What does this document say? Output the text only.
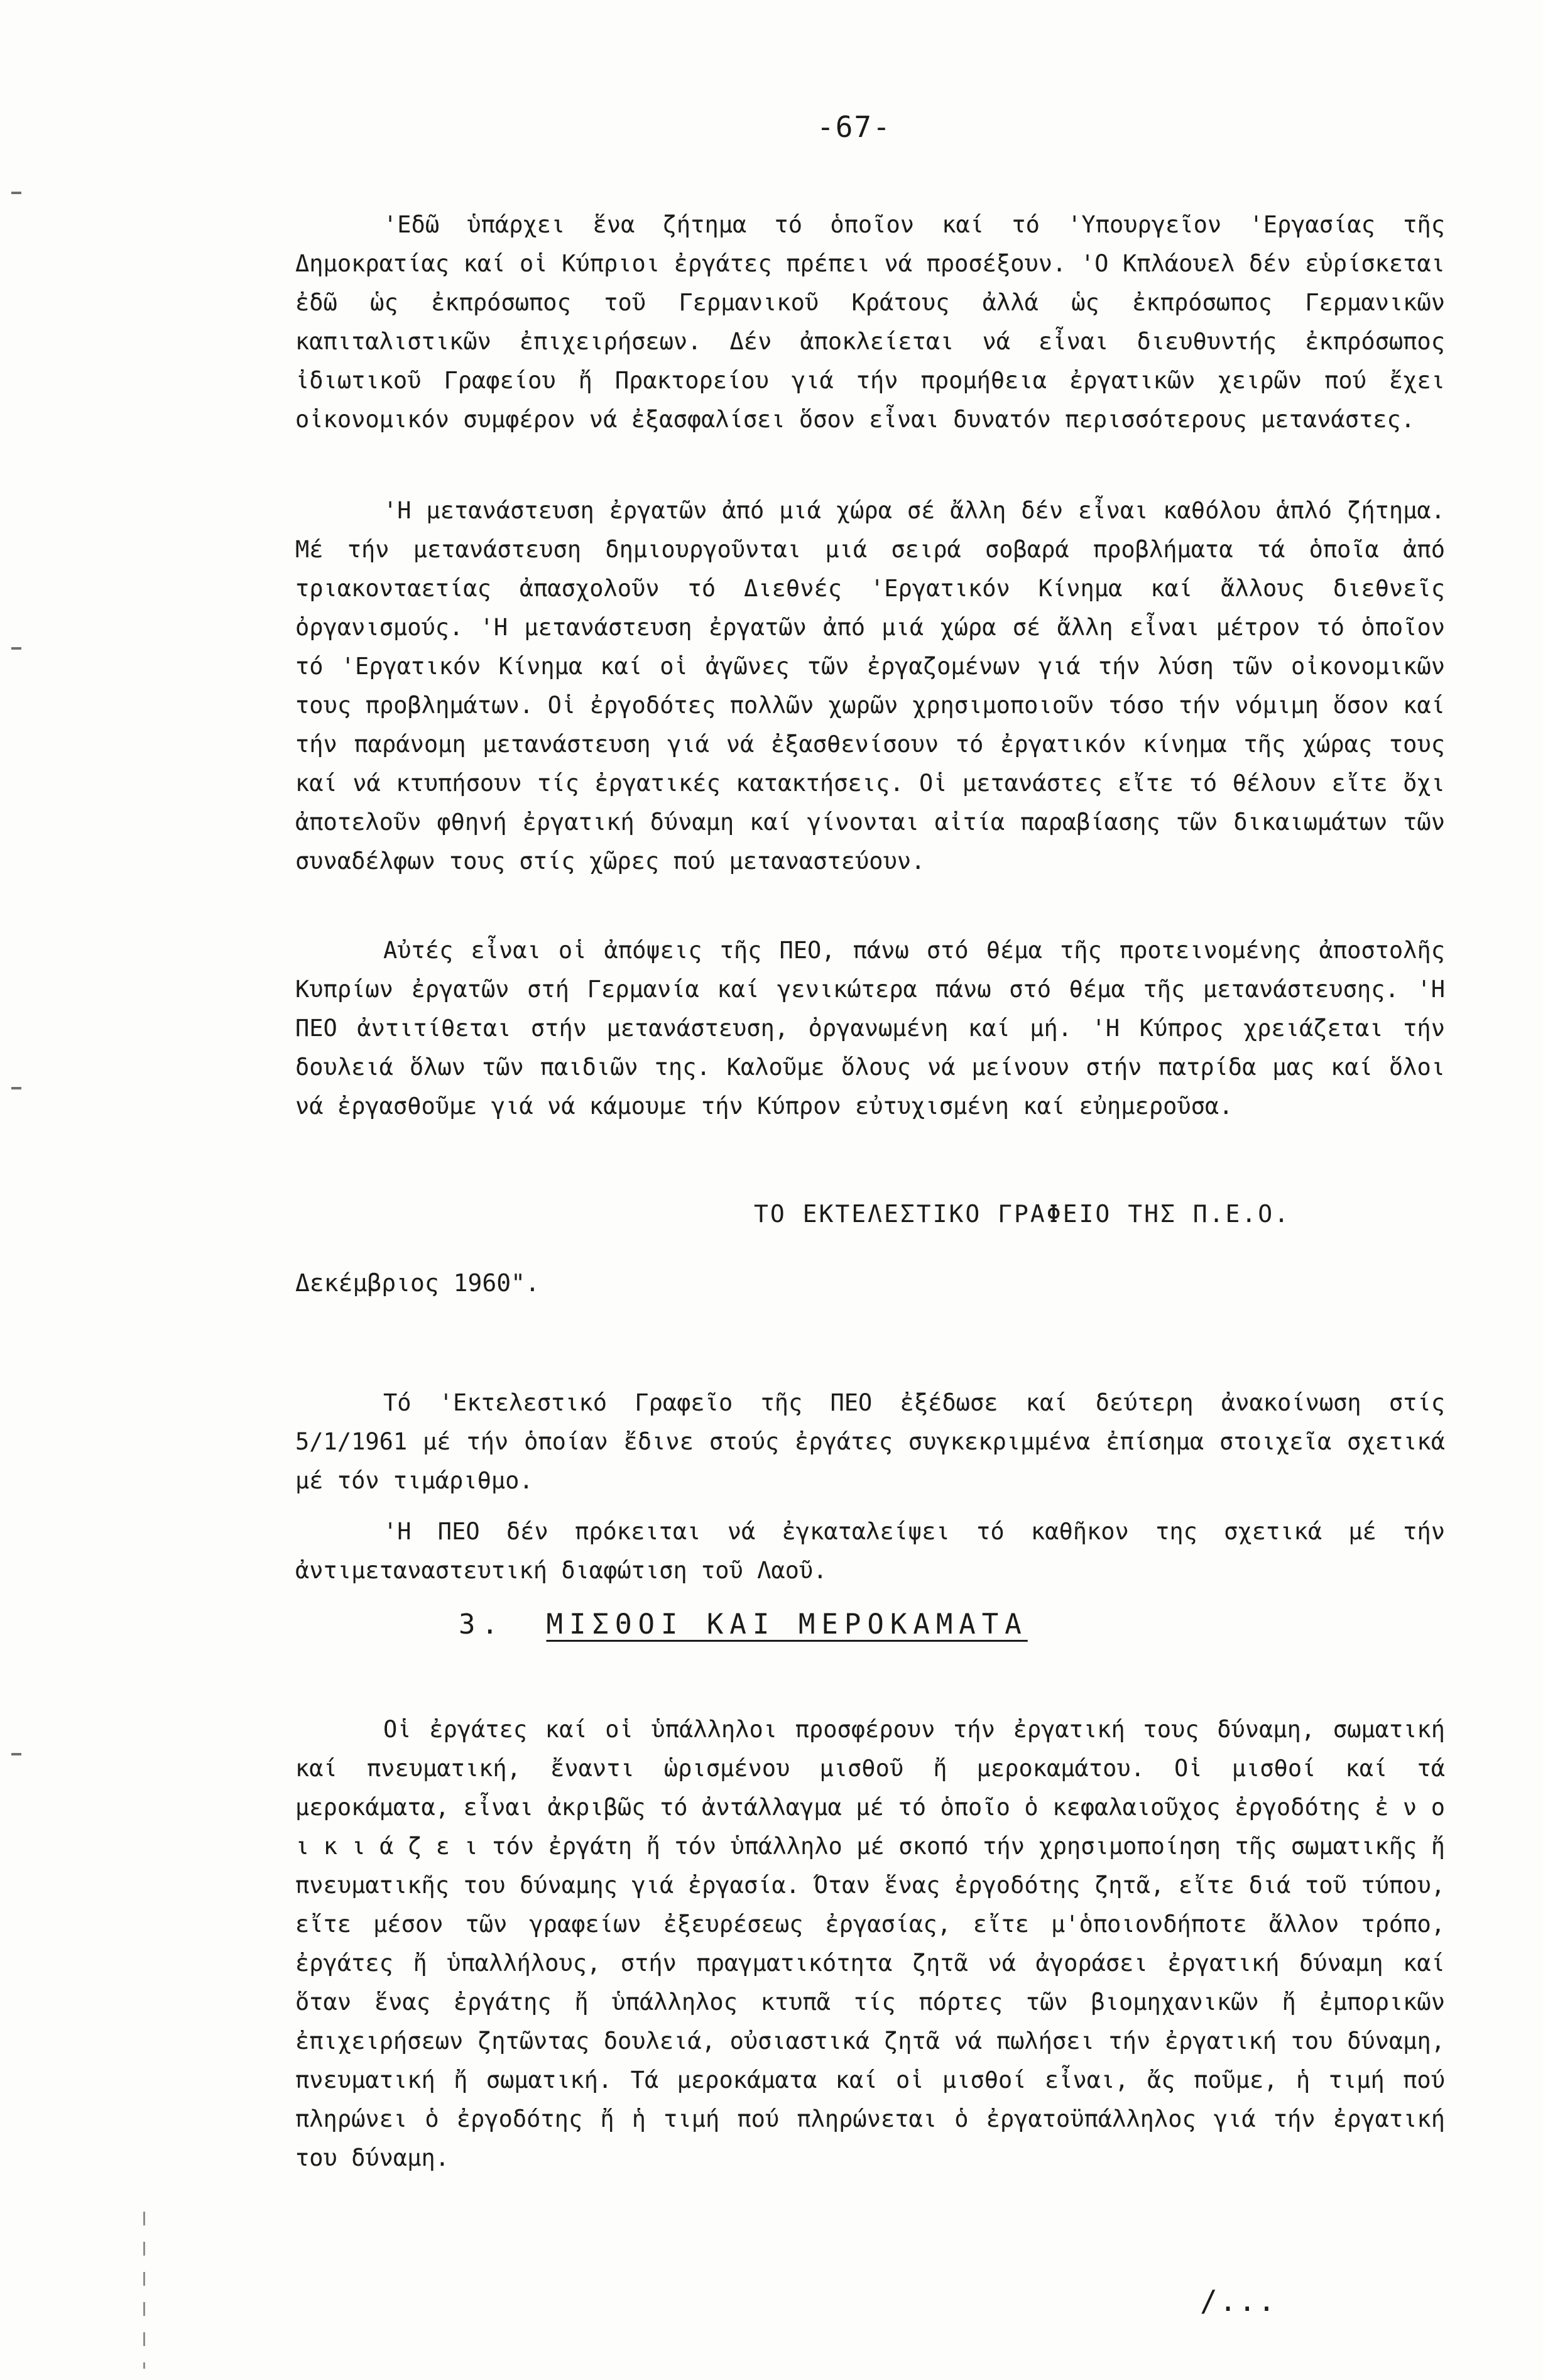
-67-

'Εδῶ ὑπάρχει ἕνα ζήτημα τό ὁποῖον καί τό 'Υπουργεῖον 'Εργασίας τῆς Δημοκρατίας καί οἱ Κύπριοι ἐργάτες πρέπει νά προσέξουν. 'Ο Κπλάουελ δέν εὑρίσκεται ἐδῶ ὡς ἐκπρόσωπος τοῦ Γερμανικοῦ Κράτους ἀλλά ὡς ἐκπρόσωπος Γερμανικῶν καπιταλιστικῶν ἐπιχειρήσεων. Δέν ἀποκλείεται νά εἶναι διευθυντής ἐκπρόσωπος ἰδιωτικοῦ Γραφείου ἤ Πρακτορείου γιά τήν προμήθεια ἐργατικῶν χειρῶν πού ἔχει οἰκονομικόν συμφέρον νά ἐξασφαλίσει ὅσον εἶναι δυνατόν περισσότερους μετανάστες.

'Η μετανάστευση ἐργατῶν ἀπό μιά χώρα σέ ἄλλη δέν εἶναι καθόλου ἁπλό ζήτημα. Μέ τήν μετανάστευση δημιουργοῦνται μιά σειρά σοβαρά προβλήματα τά ὁποῖα ἀπό τριακονταετίας ἀπασχολοῦν τό Διεθνές 'Εργατικόν Κίνημα καί ἄλλους διεθνεῖς ὀργανισμούς. 'Η μετανάστευση ἐργατῶν ἀπό μιά χώρα σέ ἄλλη εἶναι μέτρον τό ὁποῖον τό 'Εργατικόν Κίνημα καί οἱ ἀγῶνες τῶν ἐργαζομένων γιά τήν λύση τῶν οἰκονομικῶν τους προβλημάτων. Οἱ ἐργοδότες πολλῶν χωρῶν χρησιμοποιοῦν τόσο τήν νόμιμη ὅσον καί τήν παράνομη μετανάστευση γιά νά ἐξασθενίσουν τό ἐργατικόν κίνημα τῆς χώρας τους καί νά κτυπήσουν τίς ἐργατικές κατακτήσεις. Οἱ μετανάστες εἴτε τό θέλουν εἴτε ὄχι ἀποτελοῦν φθηνή ἐργατική δύναμη καί γίνονται αἰτία παραβίασης τῶν δικαιωμάτων τῶν συναδέλφων τους στίς χῶρες πού μεταναστεύουν.

Αὐτές εἶναι οἱ ἀπόψεις τῆς ΠΕΟ, πάνω στό θέμα τῆς προτεινομένης ἀποστολῆς Κυπρίων ἐργατῶν στή Γερμανία καί γενικώτερα πάνω στό θέμα τῆς μετανάστευσης. 'Η ΠΕΟ ἀντιτίθεται στήν μετανάστευση, ὀργανωμένη καί μή. 'Η Κύπρος χρειάζεται τήν δουλειά ὅλων τῶν παιδιῶν της. Καλοῦμε ὅλους νά μείνουν στήν πατρίδα μας καί ὅλοι νά ἐργασθοῦμε γιά νά κάμουμε τήν Κύπρον εὐτυχισμένη καί εὐημεροῦσα.

ΤΟ ΕΚΤΕΛΕΣΤΙΚΟ ΓΡΑΦΕΙΟ ΤΗΣ Π.Ε.Ο.
Δεκέμβριος 1960".

Τό 'Εκτελεστικό Γραφεῖο τῆς ΠΕΟ ἐξέδωσε καί δεύτερη ἀνακοίνωση στίς 5/1/1961 μέ τήν ὁποίαν ἔδινε στούς ἐργάτες συγκεκριμμένα ἐπίσημα στοιχεῖα σχετικά μέ τόν τιμάριθμο.

'Η ΠΕΟ δέν πρόκειται νά ἐγκαταλείψει τό καθῆκον της σχετικά μέ τήν ἀντιμεταναστευτική διαφώτιση τοῦ Λαοῦ.

3. ΜΙΣΘΟΙ ΚΑΙ ΜΕΡΟΚΑΜΑΤΑ

Οἱ ἐργάτες καί οἱ ὑπάλληλοι προσφέρουν τήν ἐργατική τους δύναμη, σωματική καί πνευματική, ἔναντι ὡρισμένου μισθοῦ ἤ μεροκαμάτου. Οἱ μισθοί καί τά μεροκάματα, εἶναι ἀκριβῶς τό ἀντάλλαγμα μέ τό ὁποῖο ὁ κεφαλαιοῦχος ἐργοδότης ἐ ν ο ι κ ι ά ζ ε ι τόν ἐργάτη ἤ τόν ὑπάλληλο μέ σκοπό τήν χρησιμοποίηση τῆς σωματικῆς ἤ πνευματικῆς του δύναμης γιά ἐργασία. Όταν ἕνας ἐργοδότης ζητᾶ, εἴτε διά τοῦ τύπου, εἴτε μέσον τῶν γραφείων ἐξευρέσεως ἐργασίας, εἴτε μ'ὁποιονδήποτε ἄλλον τρόπο, ἐργάτες ἤ ὑπαλλήλους, στήν πραγματικότητα ζητᾶ νά ἀγοράσει ἐργατική δύναμη καί ὅταν ἕνας ἐργάτης ἤ ὑπάλληλος κτυπᾶ τίς πόρτες τῶν βιομηχανικῶν ἤ ἐμπορικῶν ἐπιχειρήσεων ζητῶντας δουλειά, οὐσιαστικά ζητᾶ νά πωλήσει τήν ἐργατική του δύναμη, πνευματική ἤ σωματική. Τά μεροκάματα καί οἱ μισθοί εἶναι, ἄς ποῦμε, ἡ τιμή πού πληρώνει ὁ ἐργοδότης ἤ ἡ τιμή πού πληρώνεται ὁ ἐργατοϋπάλληλος γιά τήν ἐργατική του δύναμη.

/...
